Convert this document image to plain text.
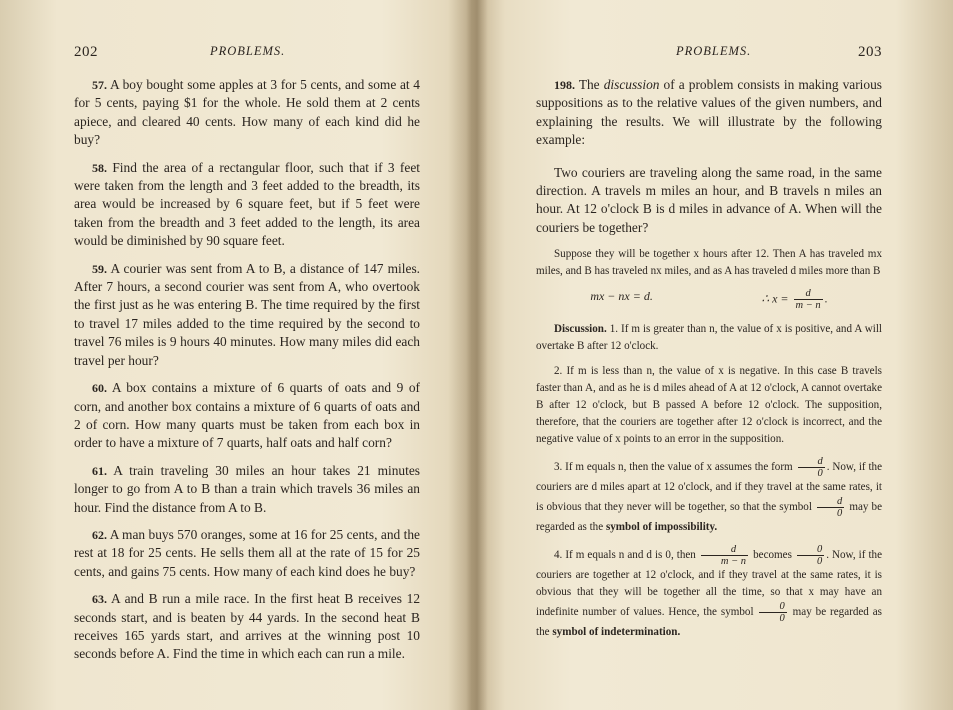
202	PROBLEMS.

57. A boy bought some apples at 3 for 5 cents, and some at 4 for 5 cents, paying $1 for the whole. He sold them at 2 cents apiece, and cleared 40 cents. How many of each kind did he buy?

58. Find the area of a rectangular floor, such that if 3 feet were taken from the length and 3 feet added to the breadth, its area would be increased by 6 square feet, but if 5 feet were taken from the breadth and 3 feet added to the length, its area would be diminished by 90 square feet.

59. A courier was sent from A to B, a distance of 147 miles. After 7 hours, a second courier was sent from A, who overtook the first just as he was entering B. The time required by the first to travel 17 miles added to the time required by the second to travel 76 miles is 9 hours 40 minutes. How many miles did each travel per hour?

60. A box contains a mixture of 6 quarts of oats and 9 of corn, and another box contains a mixture of 6 quarts of oats and 2 of corn. How many quarts must be taken from each box in order to have a mixture of 7 quarts, half oats and half corn?

61. A train traveling 30 miles an hour takes 21 minutes longer to go from A to B than a train which travels 36 miles an hour. Find the distance from A to B.

62. A man buys 570 oranges, some at 16 for 25 cents, and the rest at 18 for 25 cents. He sells them all at the rate of 15 for 25 cents, and gains 75 cents. How many of each kind does he buy?

63. A and B run a mile race. In the first heat B receives 12 seconds start, and is beaten by 44 yards. In the second heat B receives 165 yards start, and arrives at the winning post 10 seconds before A. Find the time in which each can run a mile.

PROBLEMS.	203

198. The discussion of a problem consists in making various suppositions as to the relative values of the given numbers, and explaining the results. We will illustrate by the following example:

Two couriers are traveling along the same road, in the same direction. A travels m miles an hour, and B travels n miles an hour. At 12 o'clock B is d miles in advance of A. When will the couriers be together?

Suppose they will be together x hours after 12. Then A has traveled mx miles, and B has traveled nx miles, and as A has traveled d miles more than B

mx − nx = d.	∴ $x = \frac{d}{m - n}$ .

Discussion. 1. If m is greater than n, the value of x is positive, and A will overtake B after 12 o'clock.

2. If m is less than n, the value of x is negative. In this case B travels faster than A, and as he is d miles ahead of A at 12 o'clock, A cannot overtake B after 12 o'clock, but B passed A before 12 o'clock. The supposition, therefore, that the couriers are together after 12 o'clock is incorrect, and the negative value of x points to an error in the supposition.

3. If m equals n, then the value of x assumes the form $\frac{d}{0}$ . Now, if the couriers are d miles apart at 12 o'clock, and if they travel at the same rates, it is obvious that they never will be together, so that the symbol $\frac{d}{0}$ may be regarded as the symbol of impossibility.

4. If m equals n and d is 0, then $\frac{d}{m - n}$ becomes $\frac{0}{0}$ . Now, if the couriers are together at 12 o'clock, and if they travel at the same rates, it is obvious that they will be together all the time, so that x may have an indefinite number of values. Hence, the symbol $\frac{0}{0}$ may be regarded as the symbol of indetermination.
